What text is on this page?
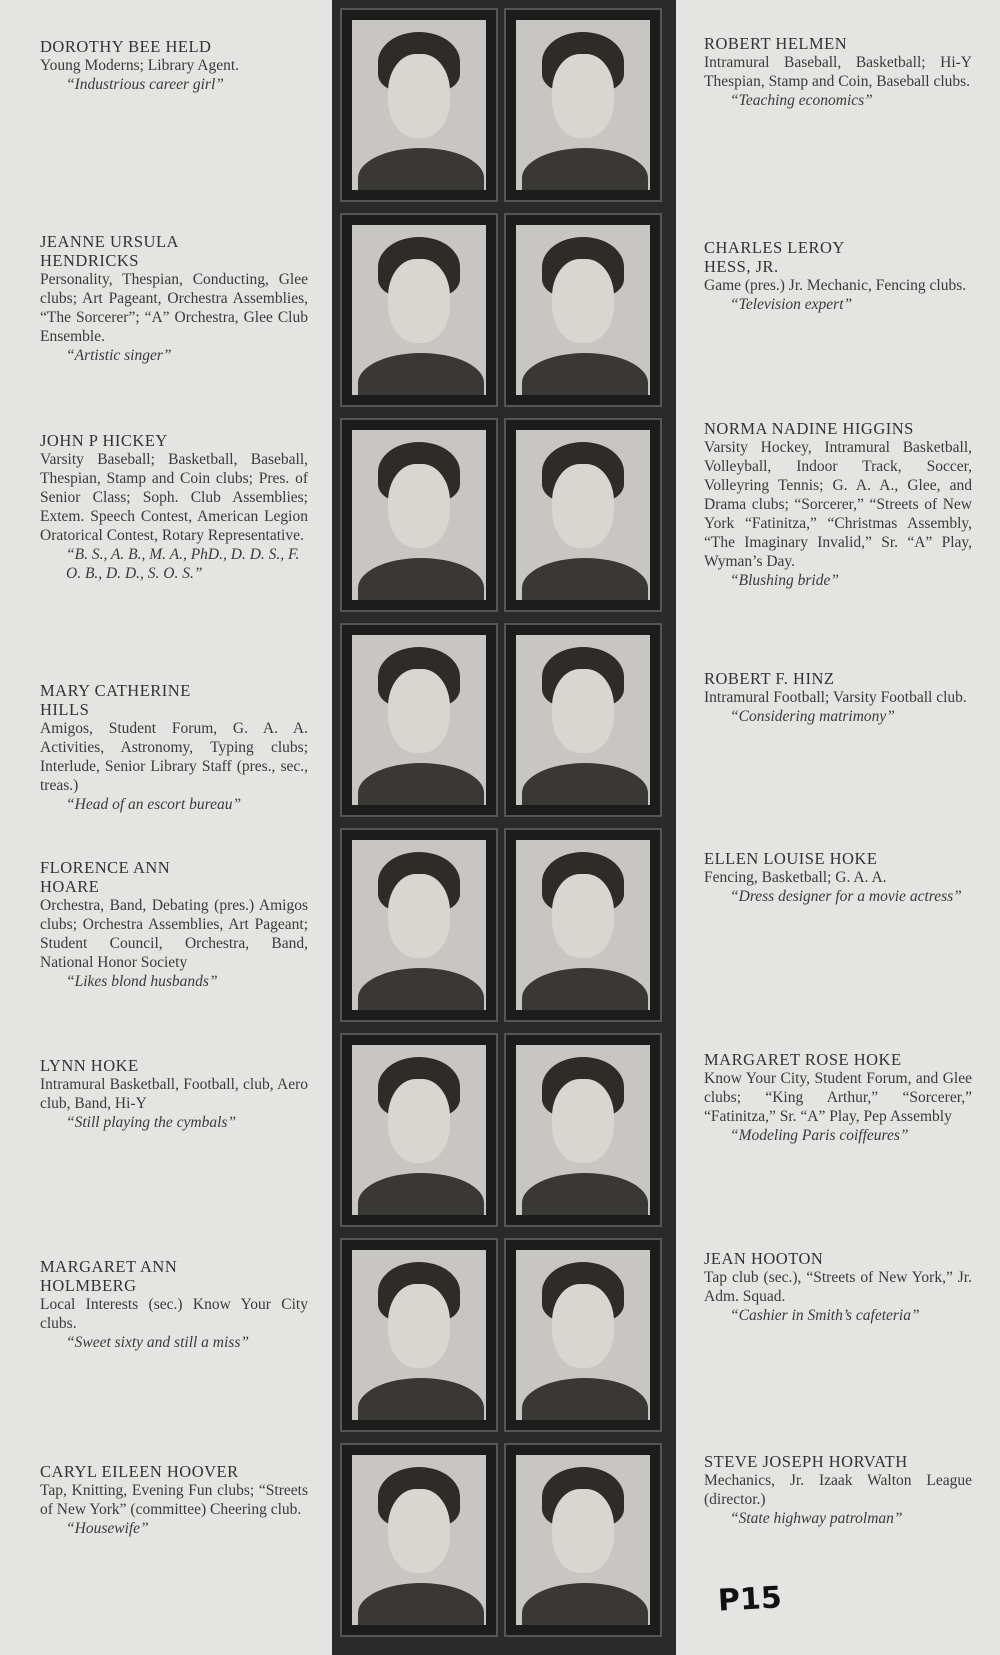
DOROTHY BEE HELD
Young Moderns; Library Agent.
“Industrious career girl”
JEANNE URSULA
HENDRICKS
Personality, Thespian, Conducting, Glee clubs; Art Pageant, Orchestra Assemblies, “The Sorcerer”; “A” Orchestra, Glee Club Ensemble.
“Artistic singer”
JOHN P HICKEY
Varsity Baseball; Basketball, Baseball, Thespian, Stamp and Coin clubs; Pres. of Senior Class; Soph. Club Assemblies; Extem. Speech Contest, American Legion Oratorical Contest, Rotary Representative.
“B. S., A. B., M. A., PhD., D. D. S., F. O. B., D. D., S. O. S.”
MARY CATHERINE
HILLS
Amigos, Student Forum, G. A. A. Activities, Astronomy, Typing clubs; Interlude, Senior Library Staff (pres., sec., treas.)
“Head of an escort bureau”
FLORENCE ANN
HOARE
Orchestra, Band, Debating (pres.) Amigos clubs; Orchestra Assemblies, Art Pageant; Student Council, Orchestra, Band, National Honor Society
“Likes blond husbands”
LYNN HOKE
Intramural Basketball, Football, club, Aero club, Band, Hi-Y
“Still playing the cymbals”
MARGARET ANN
HOLMBERG
Local Interests (sec.) Know Your City clubs.
“Sweet sixty and still a miss”
CARYL EILEEN HOOVER
Tap, Knitting, Evening Fun clubs; “Streets of New York” (committee) Cheering club.
“Housewife”
ROBERT HELMEN
Intramural Baseball, Basketball; Hi-Y Thespian, Stamp and Coin, Baseball clubs.
“Teaching economics”
CHARLES LEROY
HESS, JR.
Game (pres.) Jr. Mechanic, Fencing clubs.
“Television expert”
NORMA NADINE HIGGINS
Varsity Hockey, Intramural Basketball, Volleyball, Indoor Track, Soccer, Volleyring Tennis; G. A. A., Glee, and Drama clubs; “Sorcerer,” “Streets of New York “Fatinitza,” “Christmas Assembly, “The Imaginary Invalid,” Sr. “A” Play, Wyman’s Day.
“Blushing bride”
ROBERT F. HINZ
Intramural Football; Varsity Football club.
“Considering matrimony”
ELLEN LOUISE HOKE
Fencing, Basketball; G. A. A.
“Dress designer for a movie actress”
MARGARET ROSE HOKE
Know Your City, Student Forum, and Glee clubs; “King Arthur,” “Sorcerer,” “Fatinitza,” Sr. “A” Play, Pep Assembly
“Modeling Paris coiffeures”
JEAN HOOTON
Tap club (sec.), “Streets of New York,” Jr. Adm. Squad.
“Cashier in Smith’s cafeteria”
STEVE JOSEPH HORVATH
Mechanics, Jr. Izaak Walton League (director.)
“State highway patrolman”
P15
